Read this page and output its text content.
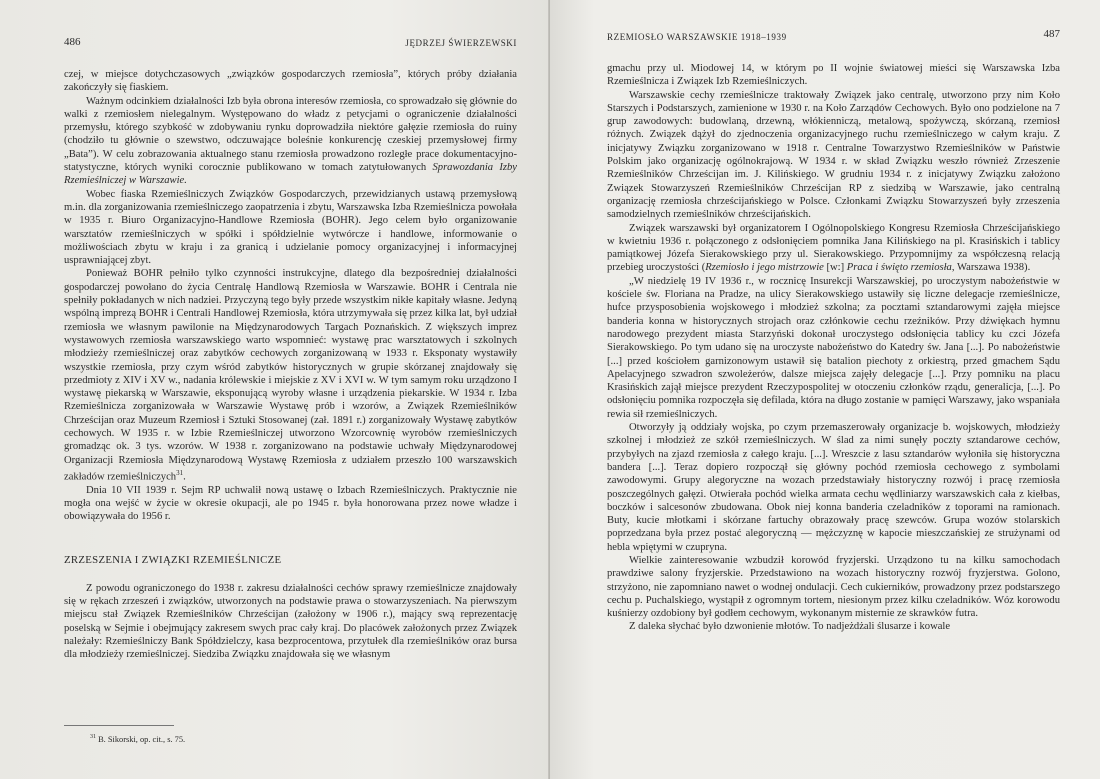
486	JĘDRZEJ ŚWIERZEWSKI

czej, w miejsce dotychczasowych „związków gospodarczych rzemiosła”, których próby działania zakończyły się fiaskiem.

Ważnym odcinkiem działalności Izb była obrona interesów rzemiosła, co sprowadzało się głównie do walki z rzemiosłem nielegalnym. Występowano do władz z petycjami o ograniczenie działalności przemysłu, którego szybkość w zdobywaniu rynku doprowadziła niektóre gałęzie rzemiosła do ruiny (chodziło tu głównie o szewstwo, odczuwające boleśnie konkurencję czeskiej przemysłowej firmy „Bata”). W celu zobrazowania aktualnego stanu rzemiosła prowadzono rozległe prace dokumentacyjno-statystyczne, których wyniki corocznie publikowano w tomach zatytułowanych Sprawozdania Izby Rzemieślniczej w Warszawie.

Wobec fiaska Rzemieślniczych Związków Gospodarczych, przewidzianych ustawą przemysłową m.in. dla zorganizowania rzemieślniczego zaopatrzenia i zbytu, Warszawska Izba Rzemieślnicza powołała w 1935 r. Biuro Organizacyjno-Handlowe Rzemiosła (BOHR). Jego celem było organizowanie warsztatów rzemieślniczych w spółki i spółdzielnie wytwórcze i handlowe, informowanie o możliwościach zbytu w kraju i za granicą i udzielanie pomocy organizacyjnej i informacyjnej usprawniającej zbyt.

Ponieważ BOHR pełniło tylko czynności instrukcyjne, dlatego dla bezpośredniej działalności gospodarczej powołano do życia Centralę Handlową Rzemiosła w Warszawie. BOHR i Centrala nie spełniły pokładanych w nich nadziei. Przyczyną tego były przede wszystkim nikłe kapitały własne. Jedyną wspólną imprezą BOHR i Centrali Handlowej Rzemiosła, która utrzymywała się przez kilka lat, był udział rzemiosła we własnym pawilonie na Międzynarodowych Targach Poznańskich. Z większych imprez wystawowych rzemiosła warszawskiego warto wspomnieć: wystawę prac warsztatowych i szkolnych młodzieży rzemieślniczej oraz zabytków cechowych zorganizowaną w 1933 r. Eksponaty wystawiły wszystkie rzemiosła, przy czym wśród zabytków historycznych w grupie skórzanej znajdowały się przedmioty z XIV i XV w., nadania królewskie i miejskie z XV i XVI w. W tym samym roku urządzono I wystawę piekarską w Warszawie, eksponującą wyroby własne i urządzenia piekarskie. W 1934 r. Izba Rzemieślnicza zorganizowała w Warszawie Wystawę prób i wzorów, a Związek Rzemieślników Chrześcijan oraz Muzeum Rzemiosł i Sztuki Stosowanej (zał. 1891 r.) zorganizowały Wystawę zabytków cechowych. W 1935 r. w Izbie Rzemieślniczej utworzono Wzorcownię wyrobów rzemieślniczych gromadząc ok. 3 tys. wzorów. W 1938 r. zorganizowano na podstawie uchwały Międzynarodowej Organizacji Rzemiosła Międzynarodową Wystawę Rzemiosła z udziałem przeszło 100 warszawskich zakładów rzemieślniczych$^{31}$.

Dnia 10 VII 1939 r. Sejm RP uchwalił nową ustawę o Izbach Rzemieślniczych. Praktycznie nie mogła ona wejść w życie w okresie okupacji, ale po 1945 r. była honorowana przez nowe władze i obowiązywała do 1956 r.

ZRZESZENIA I ZWIĄZKI RZEMIEŚLNICZE

Z powodu ograniczonego do 1938 r. zakresu działalności cechów sprawy rzemieślnicze znajdowały się w rękach zrzeszeń i związków, utworzonych na podstawie prawa o stowarzyszeniach. Na pierwszym miejscu stał Związek Rzemieślników Chrześcijan (założony w 1906 r.), mający swą reprezentację poselską w Sejmie i obejmujący zakresem swych prac cały kraj. Do placówek założonych przez Związek należały: Rzemieślniczy Bank Spółdzielczy, kasa bezprocentowa, przytułek dla rzemieślników oraz bursa dla młodzieży rzemieślniczej. Siedziba Związku znajdowała się we własnym

$^{31}$ B. Sikorski, op. cit., s. 75.
RZEMIOSŁO WARSZAWSKIE 1918–1939	487

gmachu przy ul. Miodowej 14, w którym po II wojnie światowej mieści się Warszawska Izba Rzemieślnicza i Związek Izb Rzemieślniczych.

Warszawskie cechy rzemieślnicze traktowały Związek jako centralę, utworzono przy nim Koło Starszych i Podstarszych, zamienione w 1930 r. na Koło Zarządów Cechowych. Było ono podzielone na 7 grup zawodowych: budowlaną, drzewną, włókienniczą, metalową, spożywczą, skórzaną, rzemiosł różnych. Związek dążył do zjednoczenia organizacyjnego ruchu rzemieślniczego w całym kraju. Z inicjatywy Związku zorganizowano w 1918 r. Centralne Towarzystwo Rzemieślników w Państwie Polskim jako organizację ogólnokrajową. W 1934 r. w skład Związku weszło również Zrzeszenie Rzemieślników Chrześcijan im. J. Kilińskiego. W grudniu 1934 r. z inicjatywy Związku założono Związek Stowarzyszeń Rzemieślników Chrześcijan RP z siedzibą w Warszawie, jako centralną organizację rzemiosła chrześcijańskiego w Polsce. Członkami Związku Stowarzyszeń były zrzeszenia samodzielnych rzemieślników chrześcijańskich.

Związek warszawski był organizatorem I Ogólnopolskiego Kongresu Rzemiosła Chrześcijańskiego w kwietniu 1936 r. połączonego z odsłonięciem pomnika Jana Kilińskiego na pl. Krasińskich i tablicy pamiątkowej Józefa Sierakowskiego przy ul. Sierakowskiego. Przypomnijmy za współczesną relacją przebieg uroczystości (Rzemiosło i jego mistrzowie [w:] Praca i święto rzemiosła, Warszawa 1938).

„W niedzielę 19 IV 1936 r., w rocznicę Insurekcji Warszawskiej, po uroczystym nabożeństwie w kościele św. Floriana na Pradze, na ulicy Sierakowskiego ustawiły się liczne delegacje rzemieślnicze, hufce przysposobienia wojskowego i młodzież szkolna; za pocztami sztandarowymi zajęła miejsce banderia konna w historycznych strojach oraz człónkowie cechu rzeźników. Przy dźwiękach hymnu narodowego prezydent miasta Starzyński dokonał uroczystego odsłonięcia tablicy ku czci Józefa Sierakowskiego. Po tym udano się na uroczyste nabożeństwo do Katedry św. Jana [...]. Po nabożeństwie [...] przed kościołem garnizonowym ustawił się batalion piechoty z orkiestrą, przed gmachem Sądu Apelacyjnego szwadron szwoleżerów, dalsze miejsca zajęły delegacje [...]. Przy pomniku na placu Krasińskich zajął miejsce prezydent Rzeczypospolitej w otoczeniu członków rządu, generalicja, [...]. Po odsłonięciu pomnika rozpoczęła się defilada, która na długo zostanie w pamięci Warszawy, jako wspaniała rewia sił rzemieślniczych.

Otworzyły ją oddziały wojska, po czym przemaszerowały organizacje b. wojskowych, młodzieży szkolnej i młodzież ze szkół rzemieślniczych. W ślad za nimi sunęły poczty sztandarowe cechów, przybyłych na zjazd rzemiosła z całego kraju. [...]. Wreszcie z lasu sztandarów wyłoniła się historyczna bandera [...]. Teraz dopiero rozpoczął się główny pochód rzemiosła cechowego z symbolami zawodowymi. Grupy alegoryczne na wozach przedstawiały historyczny rozwój i pracę rzemiosła poszczególnych gałęzi. Otwierała pochód wielka armata cechu wędliniarzy warszawskich cała z kiełbas, boczków i salcesonów zbudowana. Obok niej konna banderia czeladników z toporami na ramionach. Buty, kucie młotkami i skórzane fartuchy obrazowały pracę szewców. Grupa wozów stolarskich poprzedzana była przez postać alegoryczną — mężczyznę w kapocie mieszczańskiej ze strużynami od hebla wpiętymi w czupryna.

Wielkie zainteresowanie wzbudził korowód fryzjerski. Urządzono tu na kilku samochodach prawdziwe salony fryzjerskie. Przedstawiono na wozach historyczny rozwój fryzjerstwa. Golono, strzyżono, nie zapomniano nawet o wodnej ondulacji. Cech cukierników, prowadzony przez podstarszego cechu p. Puchalskiego, wystąpił z ogromnym tortem, niesionym przez kilku czeladników. Wóz korowodu kuśnierzy ozdobiony był godłem cechowym, wykonanym misternie ze skrawków futra.

Z daleka słychać było dzwonienie młotów. To nadjeżdżali ślusarze i kowale
